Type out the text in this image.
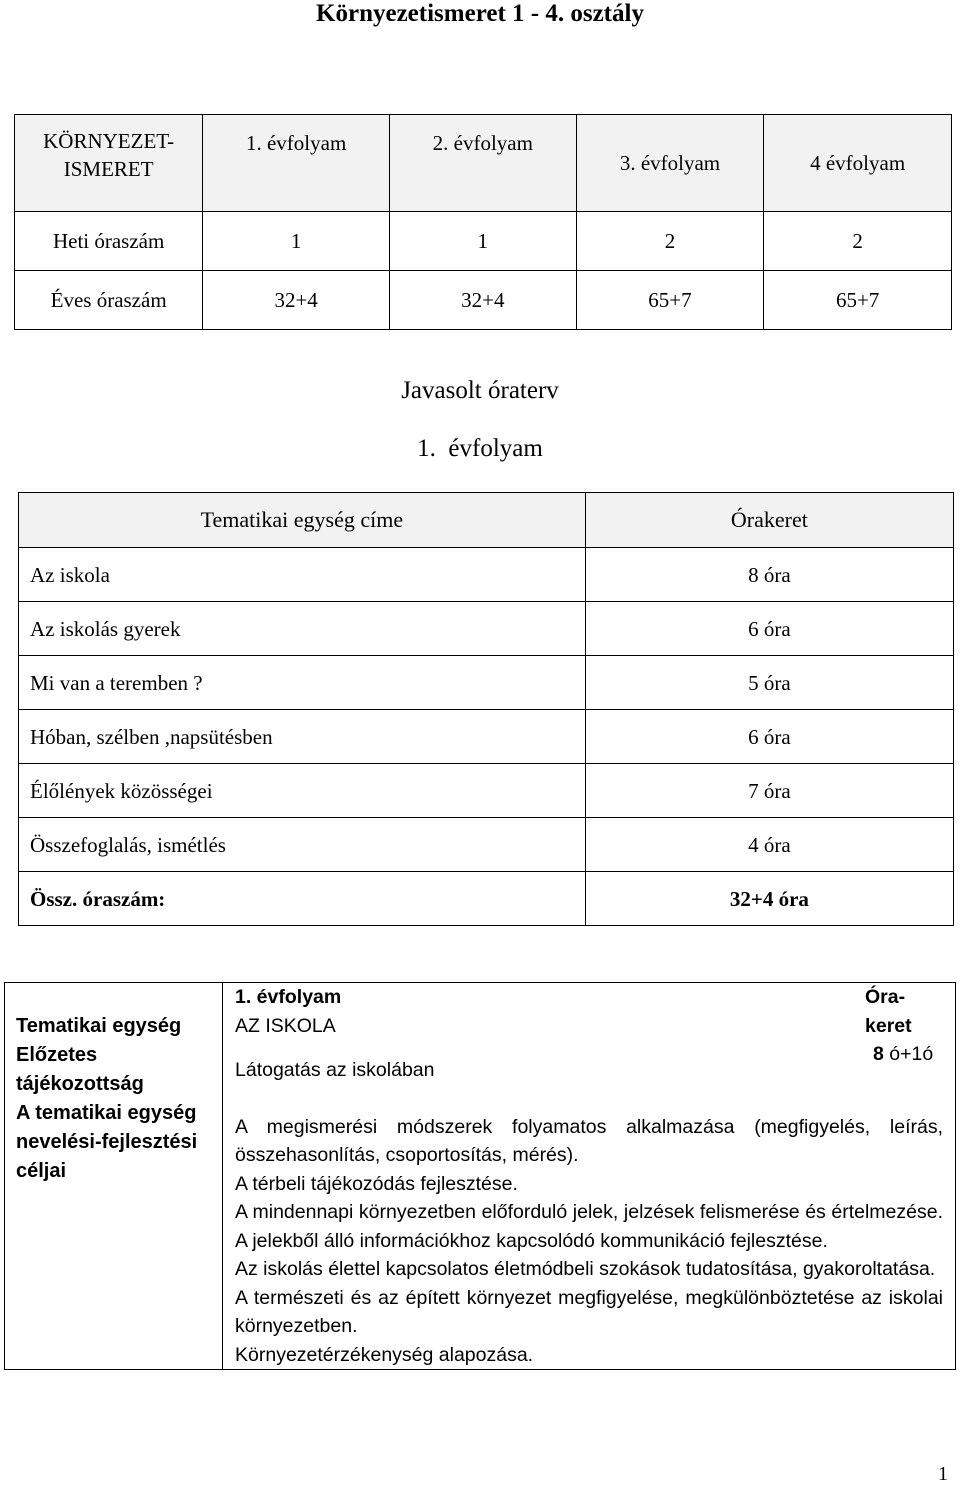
Környezetismeret 1 - 4. osztály
KÖRNYEZET-
ISMERET	1. évfolyam	2. évfolyam	3. évfolyam	4 évfolyam
Heti óraszám	1	1	2	2
Éves óraszám	32+4	32+4	65+7	65+7
Javasolt óraterv
1.  évfolyam
Tematikai egység címe	Órakeret
Az iskola	8 óra
Az iskolás gyerek	6 óra
Mi van a teremben ?	5 óra
Hóban, szélben ,napsütésben	6 óra
Élőlények közösségei	7 óra
Összefoglalás, ismétlés	4 óra
Össz. óraszám:	32+4 óra
Tematikai egység
Előzetes tájékozottság
A tematikai egység nevelési-fejlesztési céljai

1. évfolyam
AZ ISKOLA
Óra-keret
8 ó+1ó
Látogatás az iskolában
A megismerési módszerek folyamatos alkalmazása (megfigyelés, leírás, összehasonlítás, csoportosítás, mérés).
A térbeli tájékozódás fejlesztése.
A mindennapi környezetben előforduló jelek, jelzések felismerése és értelmezése. A jelekből álló információkhoz kapcsolódó kommunikáció fejlesztése.
Az iskolás élettel kapcsolatos életmódbeli szokások tudatosítása, gyakoroltatása.
A természeti és az épített környezet megfigyelése, megkülönböztetése az iskolai környezetben.
Környezetérzékenység alapozása.
1
